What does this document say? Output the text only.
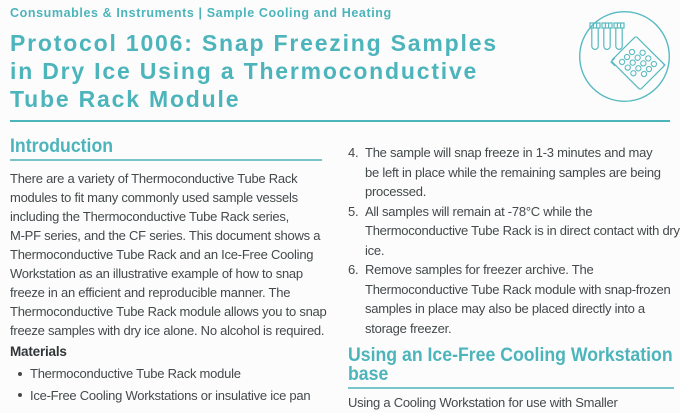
Consumables & Instruments | Sample Cooling and Heating
Protocol 1006: Snap Freezing Samples
in Dry Ice Using a Thermoconductive
Tube Rack Module
Introduction
There are a variety of Thermoconductive Tube Rack
modules to fit many commonly used sample vessels
including the Thermoconductive Tube Rack series,
M-PF series, and the CF series. This document shows a
Thermoconductive Tube Rack and an Ice-Free Cooling
Workstation as an illustrative example of how to snap
freeze in an efficient and reproducible manner. The
Thermoconductive Tube Rack module allows you to snap
freeze samples with dry ice alone. No alcohol is required.
Materials
Thermoconductive Tube Rack module
Ice-Free Cooling Workstations or insulative ice pan
4. The sample will snap freeze in 1-3 minutes and may
be left in place while the remaining samples are being
processed.
5. All samples will remain at -78°C while the
Thermoconductive Tube Rack is in direct contact with dry
ice.
6. Remove samples for freezer archive. The
Thermoconductive Tube Rack module with snap-frozen
samples in place may also be placed directly into a
storage freezer.
Using an Ice-Free Cooling Workstation
base
Using a Cooling Workstation for use with Smaller
